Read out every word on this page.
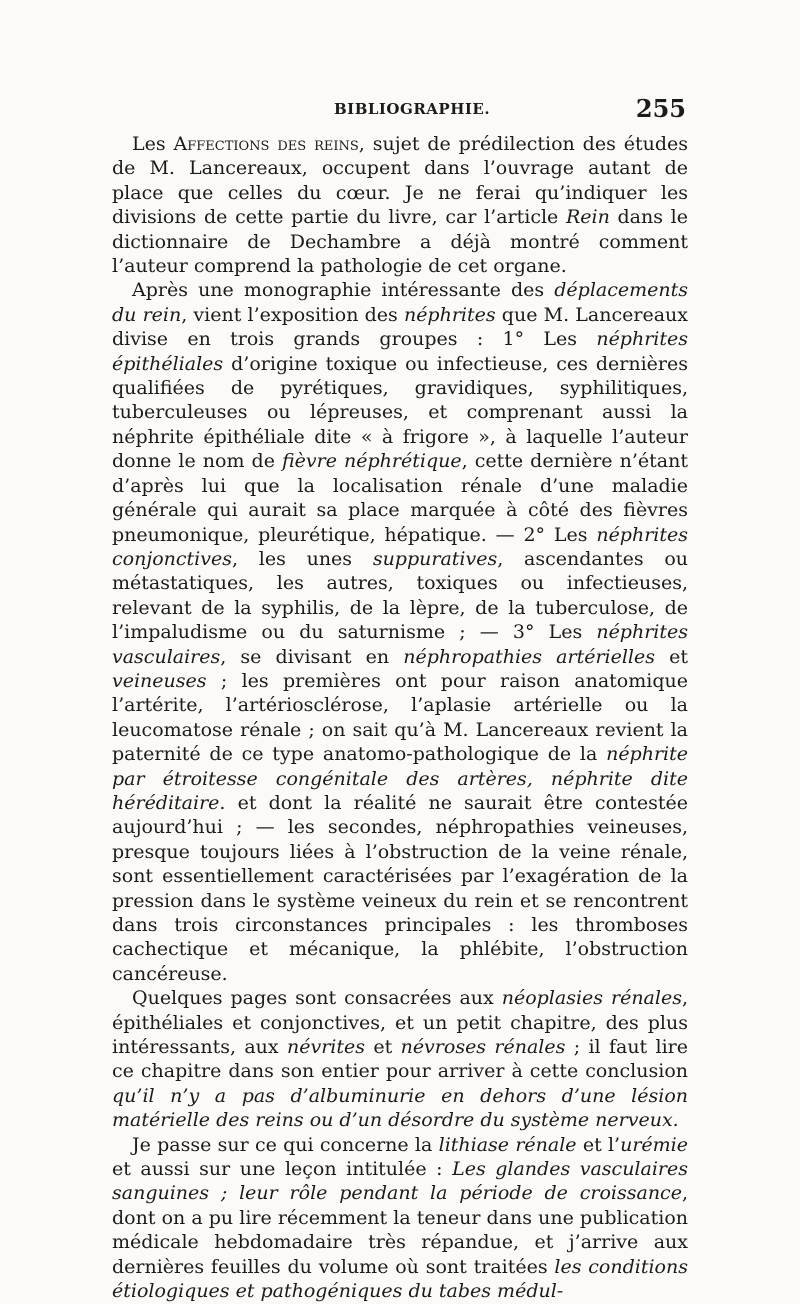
BIBLIOGRAPHIE.	255

Les Affections des reins, sujet de prédilection des études de M. Lancereaux, occupent dans l’ouvrage autant de place que celles du cœur. Je ne ferai qu’indiquer les divisions de cette partie du livre, car l’article Rein dans le dictionnaire de Dechambre a déjà montré comment l’auteur comprend la pathologie de cet organe.

Après une monographie intéressante des déplacements du rein, vient l’exposition des néphrites que M. Lancereaux divise en trois grands groupes : 1° Les néphrites épithéliales d’origine toxique ou infectieuse, ces dernières qualifiées de pyrétiques, gravidiques, syphilitiques, tuberculeuses ou lépreuses, et comprenant aussi la néphrite épithéliale dite « à frigore », à laquelle l’auteur donne le nom de fièvre néphrétique, cette dernière n’étant d’après lui que la localisation rénale d’une maladie générale qui aurait sa place marquée à côté des fièvres pneumonique, pleurétique, hépatique. — 2° Les néphrites conjonctives, les unes suppuratives, ascendantes ou métastatiques, les autres, toxiques ou infectieuses, relevant de la syphilis, de la lèpre, de la tuberculose, de l’impaludisme ou du saturnisme ; — 3° Les néphrites vasculaires, se divisant en néphropathies artérielles et veineuses ; les premières ont pour raison anatomique l’artérite, l’artériosclérose, l’aplasie artérielle ou la leucomatose rénale ; on sait qu’à M. Lancereaux revient la paternité de ce type anatomo-pathologique de la néphrite par étroitesse congénitale des artères, néphrite dite héréditaire. et dont la réalité ne saurait être contestée aujourd’hui ; — les secondes, néphropathies veineuses, presque toujours liées à l’obstruction de la veine rénale, sont essentiellement caractérisées par l’exagération de la pression dans le système veineux du rein et se rencontrent dans trois circonstances principales : les thromboses cachectique et mécanique, la phlébite, l’obstruction cancéreuse.

Quelques pages sont consacrées aux néoplasies rénales, épithéliales et conjonctives, et un petit chapitre, des plus intéressants, aux névrites et névroses rénales ; il faut lire ce chapitre dans son entier pour arriver à cette conclusion qu’il n’y a pas d’albuminurie en dehors d’une lésion matérielle des reins ou d’un désordre du système nerveux.

Je passe sur ce qui concerne la lithiase rénale et l’urémie et aussi sur une leçon intitulée : Les glandes vasculaires sanguines ; leur rôle pendant la période de croissance, dont on a pu lire récemment la teneur dans une publication médicale hebdomadaire très répandue, et j’arrive aux dernières feuilles du volume où sont traitées les conditions étiologiques et pathogéniques du tabes médul-
